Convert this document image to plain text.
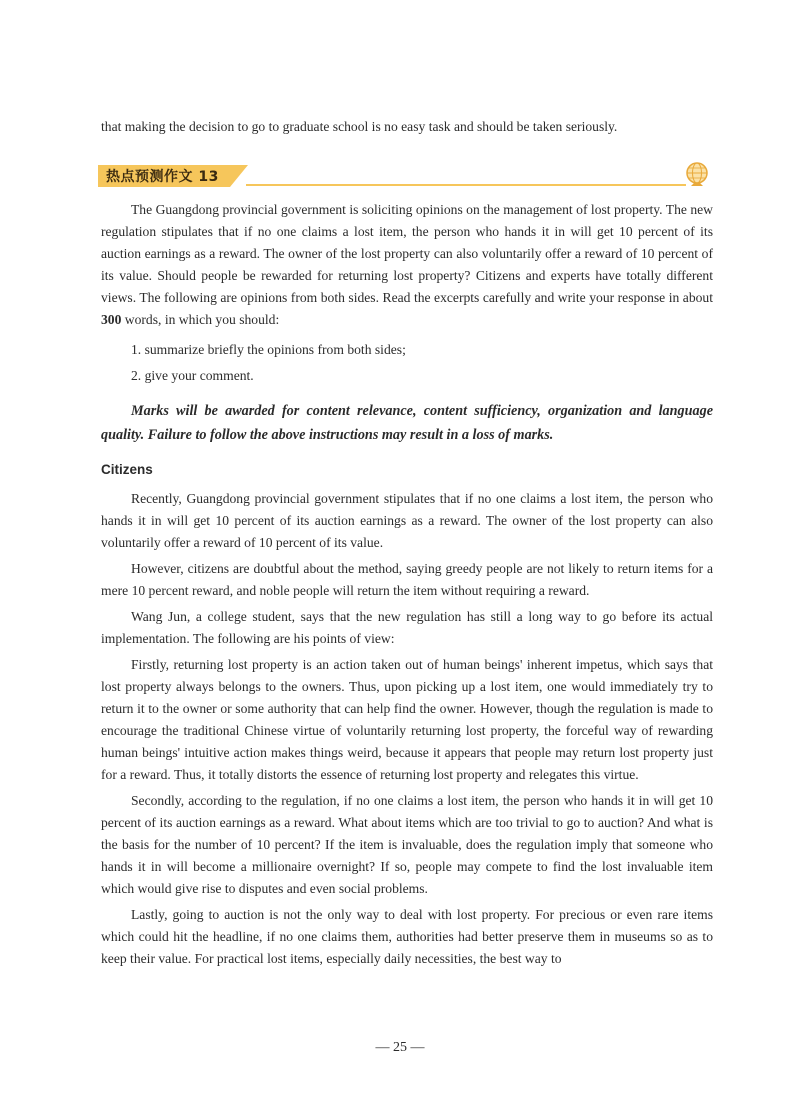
that making the decision to go to graduate school is no easy task and should be taken seriously.

热点预测作文 13

The Guangdong provincial government is soliciting opinions on the management of lost property. The new regulation stipulates that if no one claims a lost item, the person who hands it in will get 10 percent of its auction earnings as a reward. The owner of the lost property can also voluntarily offer a reward of 10 percent of its value. Should people be rewarded for returning lost property? Citizens and experts have totally different views. The following are opinions from both sides. Read the excerpts carefully and write your response in about 300 words, in which you should:

1. summarize briefly the opinions from both sides;

2. give your comment.

Marks will be awarded for content relevance, content sufficiency, organization and language quality. Failure to follow the above instructions may result in a loss of marks.

Citizens

Recently, Guangdong provincial government stipulates that if no one claims a lost item, the person who hands it in will get 10 percent of its auction earnings as a reward. The owner of the lost property can also voluntarily offer a reward of 10 percent of its value.

However, citizens are doubtful about the method, saying greedy people are not likely to return items for a mere 10 percent reward, and noble people will return the item without requiring a reward.

Wang Jun, a college student, says that the new regulation has still a long way to go before its actual implementation. The following are his points of view:

Firstly, returning lost property is an action taken out of human beings' inherent impetus, which says that lost property always belongs to the owners. Thus, upon picking up a lost item, one would immediately try to return it to the owner or some authority that can help find the owner. However, though the regulation is made to encourage the traditional Chinese virtue of voluntarily returning lost property, the forceful way of rewarding human beings' intuitive action makes things weird, because it appears that people may return lost property just for a reward. Thus, it totally distorts the essence of returning lost property and relegates this virtue.

Secondly, according to the regulation, if no one claims a lost item, the person who hands it in will get 10 percent of its auction earnings as a reward. What about items which are too trivial to go to auction? And what is the basis for the number of 10 percent? If the item is invaluable, does the regulation imply that someone who hands it in will become a millionaire overnight? If so, people may compete to find the lost invaluable item which would give rise to disputes and even social problems.

Lastly, going to auction is not the only way to deal with lost property. For precious or even rare items which could hit the headline, if no one claims them, authorities had better preserve them in museums so as to keep their value. For practical lost items, especially daily necessities, the best way to

— 25 —
